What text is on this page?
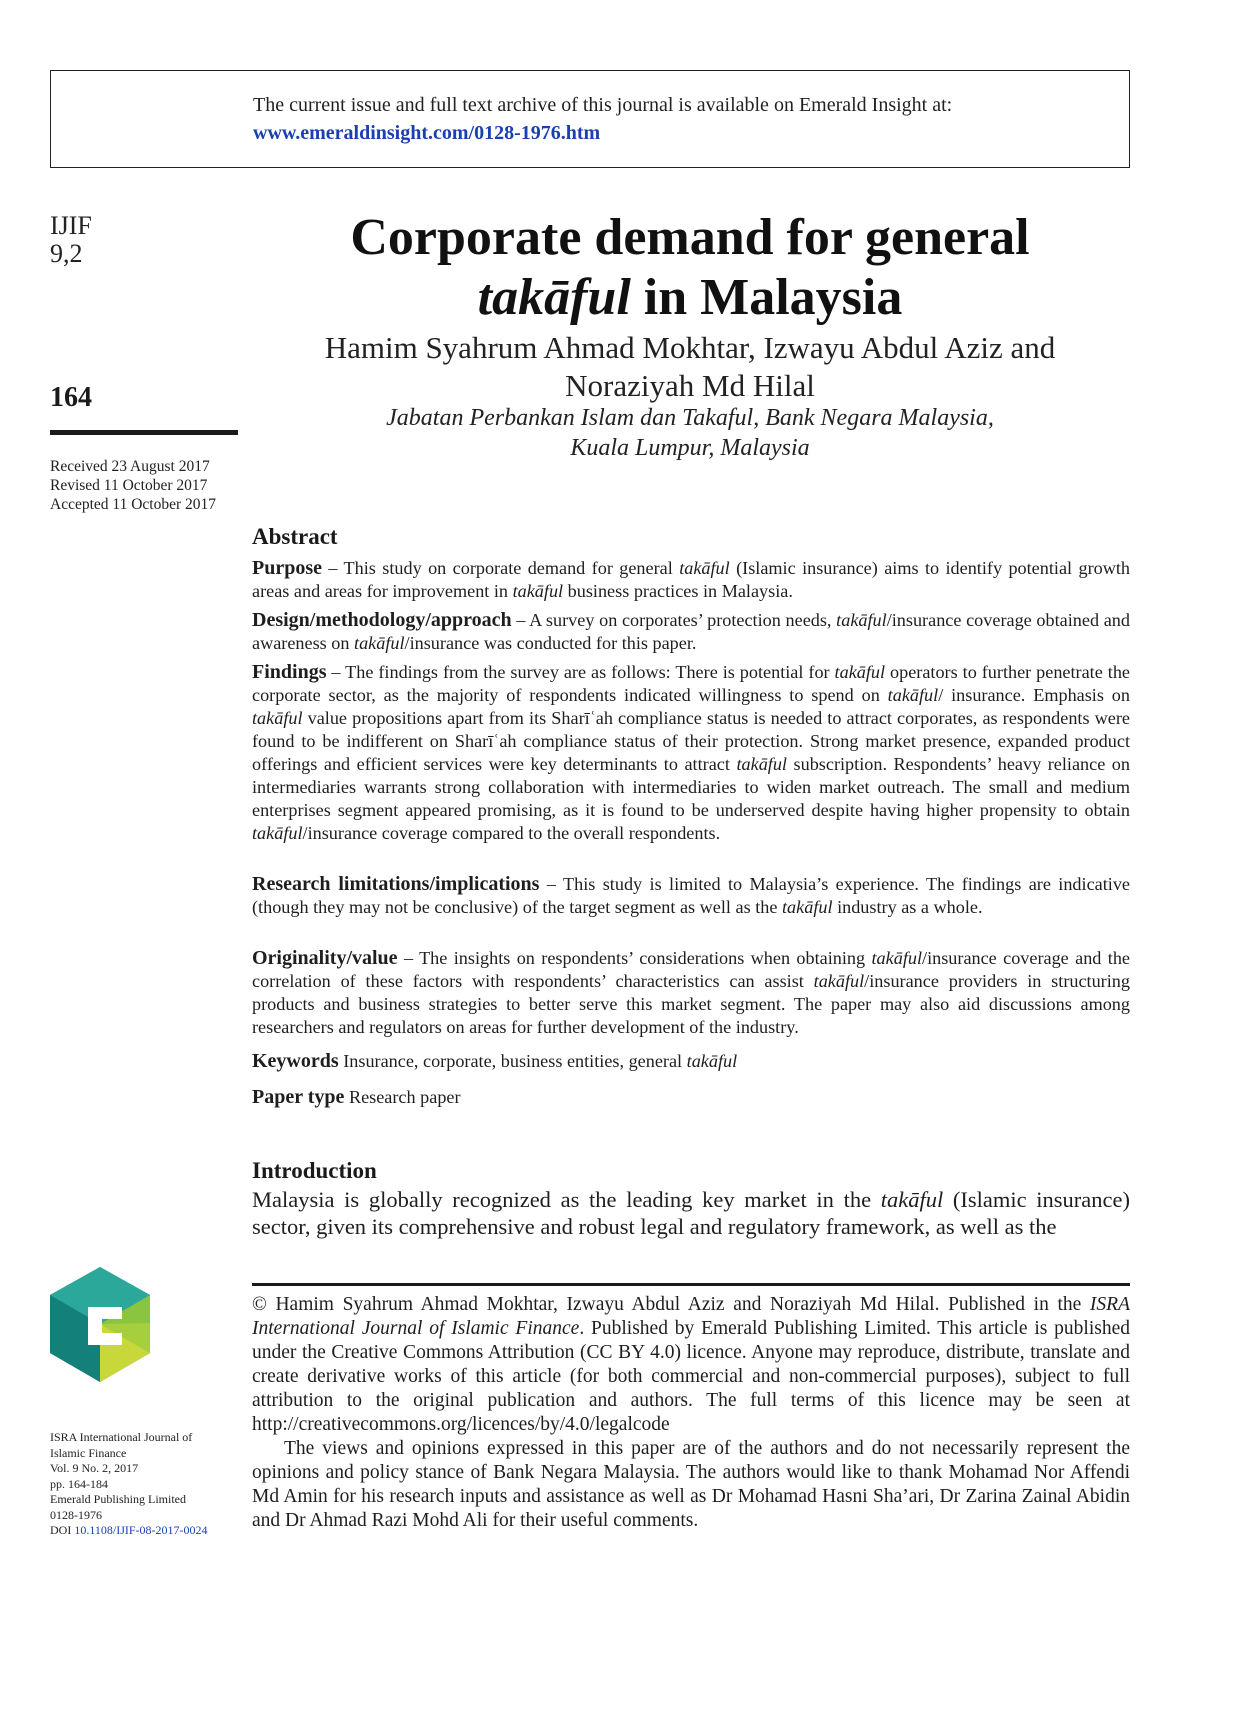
The current issue and full text archive of this journal is available on Emerald Insight at:
www.emeraldinsight.com/0128-1976.htm
IJIF
9,2
164
Received 23 August 2017
Revised 11 October 2017
Accepted 11 October 2017
ISRA International Journal of
Islamic Finance
Vol. 9 No. 2, 2017
pp. 164-184
Emerald Publishing Limited
0128-1976
DOI 10.1108/IJIF-08-2017-0024
Corporate demand for general
takāful in Malaysia
Hamim Syahrum Ahmad Mokhtar, Izwayu Abdul Aziz and
Noraziyah Md Hilal
Jabatan Perbankan Islam dan Takaful, Bank Negara Malaysia,
Kuala Lumpur, Malaysia
Abstract
Purpose – This study on corporate demand for general takāful (Islamic insurance) aims to identify potential growth areas and areas for improvement in takāful business practices in Malaysia.
Design/methodology/approach – A survey on corporates’ protection needs, takāful/insurance coverage obtained and awareness on takāful/insurance was conducted for this paper.
Findings – The findings from the survey are as follows: There is potential for takāful operators to further penetrate the corporate sector, as the majority of respondents indicated willingness to spend on takāful/ insurance. Emphasis on takāful value propositions apart from its Sharīʿah compliance status is needed to attract corporates, as respondents were found to be indifferent on Sharīʿah compliance status of their protection. Strong market presence, expanded product offerings and efficient services were key determinants to attract takāful subscription. Respondents’ heavy reliance on intermediaries warrants strong collaboration with intermediaries to widen market outreach. The small and medium enterprises segment appeared promising, as it is found to be underserved despite having higher propensity to obtain takāful/insurance coverage compared to the overall respondents.
Research limitations/implications – This study is limited to Malaysia’s experience. The findings are indicative (though they may not be conclusive) of the target segment as well as the takāful industry as a whole.
Originality/value – The insights on respondents’ considerations when obtaining takāful/insurance coverage and the correlation of these factors with respondents’ characteristics can assist takāful/insurance providers in structuring products and business strategies to better serve this market segment. The paper may also aid discussions among researchers and regulators on areas for further development of the industry.
Keywords Insurance, corporate, business entities, general takāful
Paper type Research paper
Introduction
Malaysia is globally recognized as the leading key market in the takāful (Islamic insurance) sector, given its comprehensive and robust legal and regulatory framework, as well as the
© Hamim Syahrum Ahmad Mokhtar, Izwayu Abdul Aziz and Noraziyah Md Hilal. Published in the ISRA International Journal of Islamic Finance. Published by Emerald Publishing Limited. This article is published under the Creative Commons Attribution (CC BY 4.0) licence. Anyone may reproduce, distribute, translate and create derivative works of this article (for both commercial and non-commercial purposes), subject to full attribution to the original publication and authors. The full terms of this licence may be seen at http://creativecommons.org/licences/by/4.0/legalcode
The views and opinions expressed in this paper are of the authors and do not necessarily represent the opinions and policy stance of Bank Negara Malaysia. The authors would like to thank Mohamad Nor Affendi Md Amin for his research inputs and assistance as well as Dr Mohamad Hasni Sha’ari, Dr Zarina Zainal Abidin and Dr Ahmad Razi Mohd Ali for their useful comments.
